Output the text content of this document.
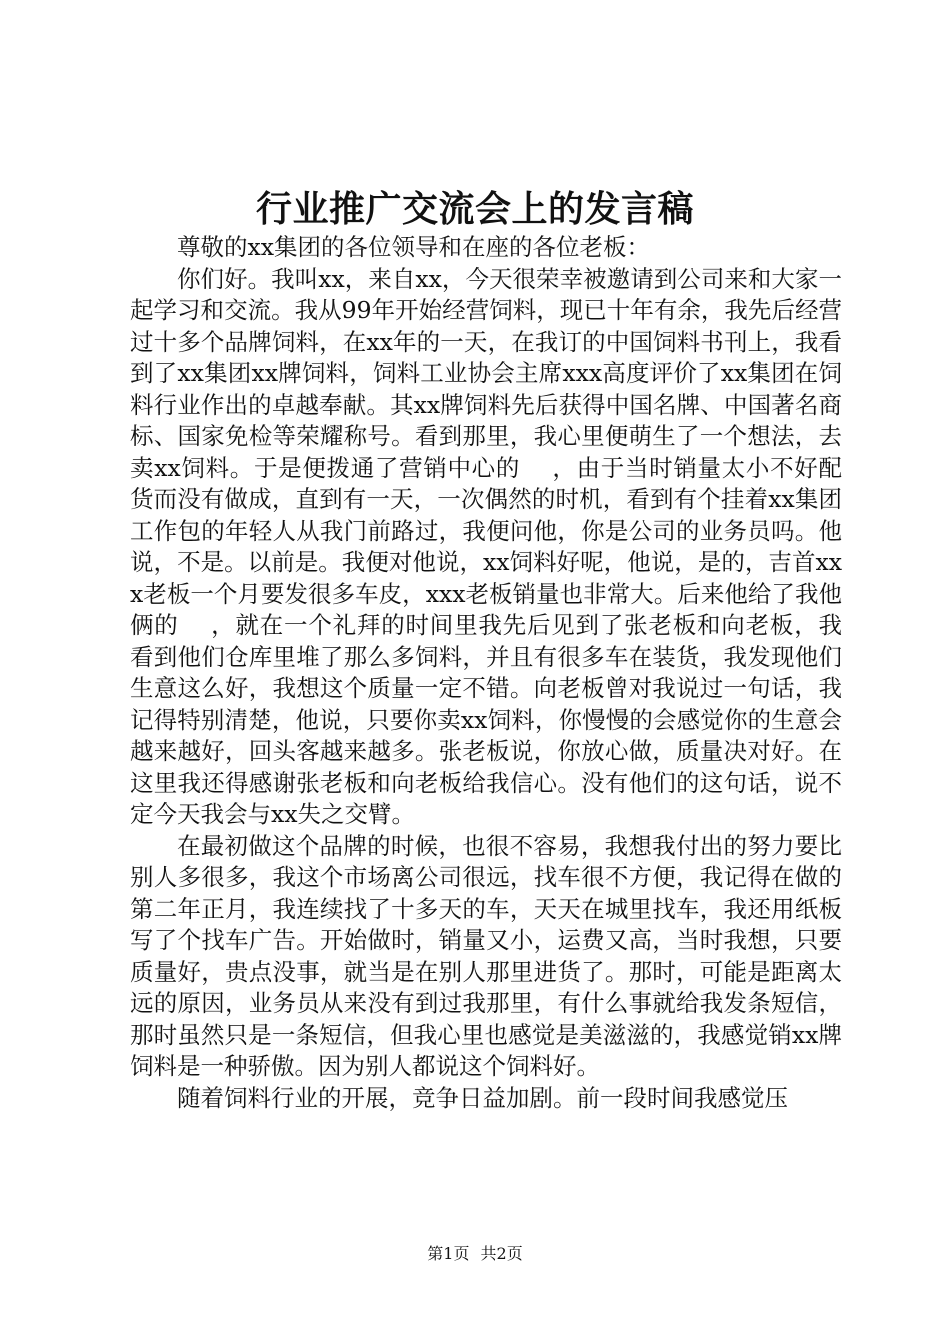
行业推广交流会上的发言稿

尊敬的xx集团的各位领导和在座的各位老板：

你们好。我叫xx，来自xx，今天很荣幸被邀请到公司来和大家一起学习和交流。我从99年开始经营饲料，现已十年有余，我先后经营过十多个品牌饲料，在xx年的一天，在我订的中国饲料书刊上，我看到了xx集团xx牌饲料，饲料工业协会主席xxx高度评价了xx集团在饲料行业作出的卓越奉献。其xx牌饲料先后获得中国名牌、中国著名商标、国家免检等荣耀称号。看到那里，我心里便萌生了一个想法，去卖xx饲料。于是便拨通了营销中心的　 ，由于当时销量太小不好配货而没有做成，直到有一天，一次偶然的时机，看到有个挂着xx集团工作包的年轻人从我门前路过，我便问他，你是公司的业务员吗。他说，不是。以前是。我便对他说，xx饲料好呢，他说，是的，吉首xxx老板一个月要发很多车皮，xxx老板销量也非常大。后来他给了我他俩的　 ，就在一个礼拜的时间里我先后见到了张老板和向老板，我看到他们仓库里堆了那么多饲料，并且有很多车在装货，我发现他们生意这么好，我想这个质量一定不错。向老板曾对我说过一句话，我记得特别清楚，他说，只要你卖xx饲料，你慢慢的会感觉你的生意会越来越好，回头客越来越多。张老板说，你放心做，质量决对好。在这里我还得感谢张老板和向老板给我信心。没有他们的这句话，说不定今天我会与xx失之交臂。

在最初做这个品牌的时候，也很不容易，我想我付出的努力要比别人多很多，我这个市场离公司很远，找车很不方便，我记得在做的第二年正月，我连续找了十多天的车，天天在城里找车，我还用纸板写了个找车广告。开始做时，销量又小，运费又高，当时我想，只要质量好，贵点没事，就当是在别人那里进货了。那时，可能是距离太远的原因，业务员从来没有到过我那里，有什么事就给我发条短信，那时虽然只是一条短信，但我心里也感觉是美滋滋的，我感觉销xx牌饲料是一种骄傲。因为别人都说这个饲料好。

随着饲料行业的开展，竞争日益加剧。前一段时间我感觉压

第1页 共2页
